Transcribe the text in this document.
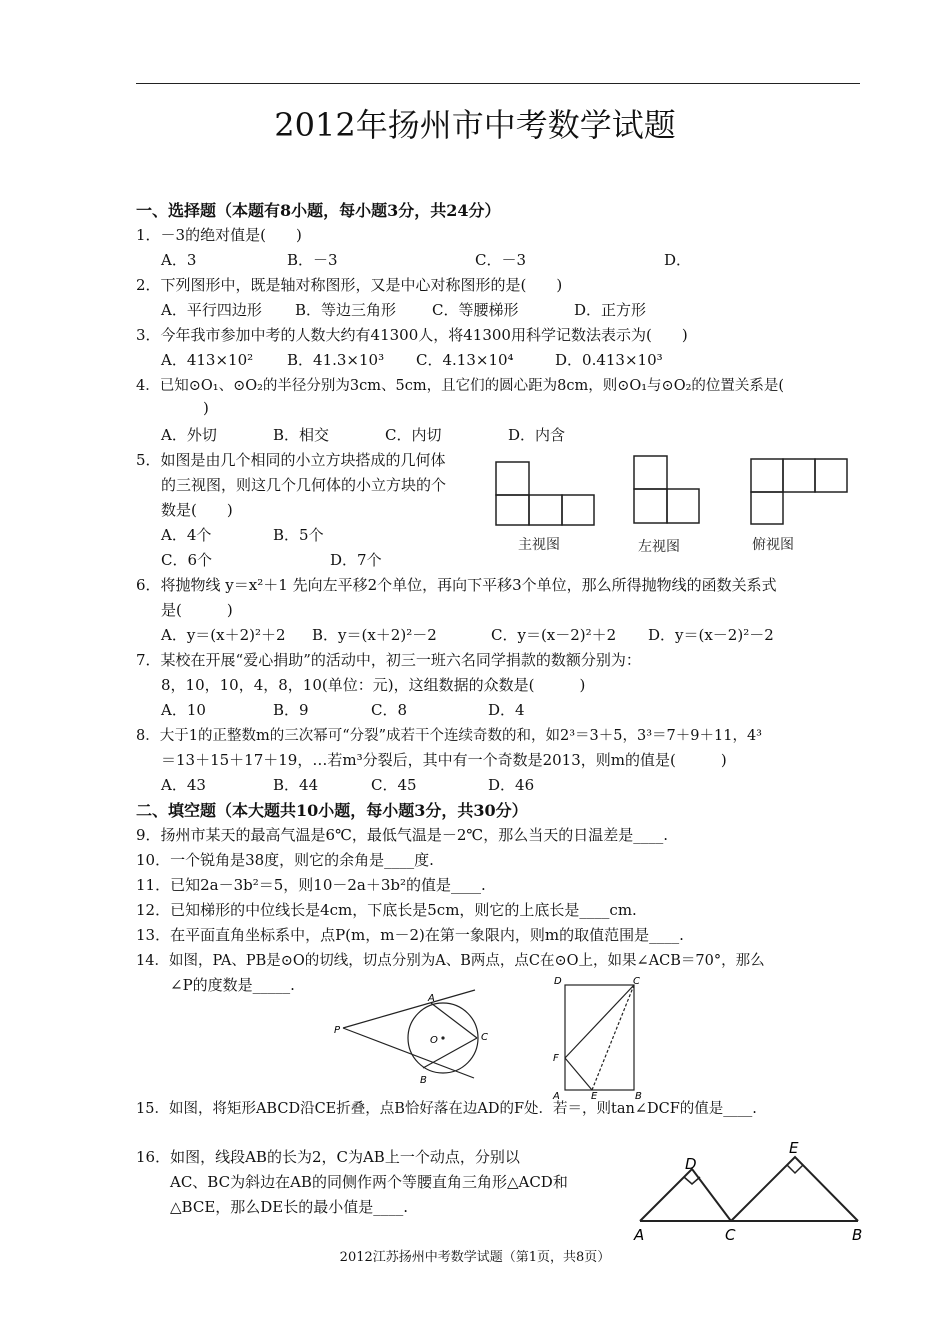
2012年扬州市中考数学试题
一、选择题（本题有8小题，每小题3分，共24分）
1．－3的绝对值是(　　)
A．3	B．－3	C．－3	D．
2．下列图形中，既是轴对称图形，又是中心对称图形的是(　　)
A．平行四边形 B．等边三角形 C．等腰梯形	D．正方形
3．今年我市参加中考的人数大约有41300人，将41300用科学记数法表示为(　　)
A．413×10² B．41.3×10³ C．4.13×10⁴	D．0.413×10³
4．已知⊙O₁、⊙O₂的半径分别为3cm、5cm，且它们的圆心距为8cm，则⊙O₁与⊙O₂的位置关系是(
)
A．外切	B．相交	C．内切	D．内含
5．如图是由几个相同的小立方块搭成的几何体
的三视图，则这几个几何体的小立方块的个
数是(　　)
A．4个	B．5个
C．6个	D．7个
主视图	左视图	俯视图
6．将抛物线 y＝x²＋1 先向左平移2个单位，再向下平移3个单位，那么所得抛物线的函数关系式
是(　　　)
A．y＝(x＋2)²＋2 B．y＝(x＋2)²－2	C．y＝(x－2)²＋2 D．y＝(x－2)²－2
7．某校在开展“爱心捐助”的活动中，初三一班六名同学捐款的数额分别为：
8，10，10，4，8，10(单位：元)，这组数据的众数是(　　　)
A．10	B．9	C．8	D．4
8．大于1的正整数m的三次幂可“分裂”成若干个连续奇数的和，如2³＝3＋5，3³＝7＋9＋11，4³
＝13＋15＋17＋19，…若m³分裂后，其中有一个奇数是2013，则m的值是(　　　)
A．43	B．44	C．45	D．46
二、填空题（本大题共10小题，每小题3分，共30分）
9．扬州市某天的最高气温是6℃，最低气温是－2℃，那么当天的日温差是____.
10．一个锐角是38度，则它的余角是____度.
11．已知2a－3b²＝5，则10－2a＋3b²的值是____.
12．已知梯形的中位线长是4cm，下底长是5cm，则它的上底长是____cm.
13．在平面直角坐标系中，点P(m，m－2)在第一象限内，则m的取值范围是____.
14．如图，PA、PB是⊙O的切线，切点分别为A、B两点，点C在⊙O上，如果∠ACB＝70°，那么
∠P的度数是_____.
P
A
B
O	C
D	C
F
A	E	B
15．如图，将矩形ABCD沿CE折叠，点B恰好落在边AD的F处．若＝，则tan∠DCF的值是____.
16．如图，线段AB的长为2，C为AB上一个动点，分别以
AC、BC为斜边在AB的同侧作两个等腰直角三角形△ACD和
△BCE，那么DE长的最小值是____.
D
E
A	C	B
2012江苏扬州中考数学试题（第1页，共8页）
